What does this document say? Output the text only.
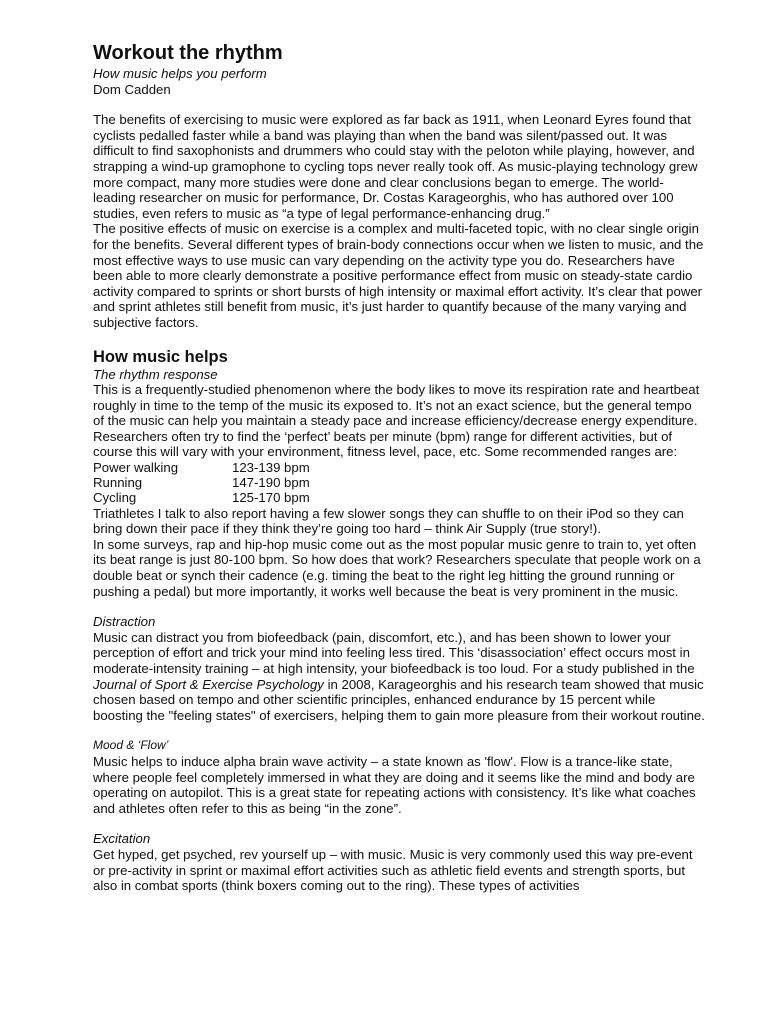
Workout the rhythm

How music helps you perform

Dom Cadden

The benefits of exercising to music were explored as far back as 1911, when Leonard Eyres found that cyclists pedalled faster while a band was playing than when the band was silent/passed out. It was difficult to find saxophonists and drummers who could stay with the peloton while playing, however, and strapping a wind-up gramophone to cycling tops never really took off. As music-playing technology grew more compact, many more studies were done and clear conclusions began to emerge. The world-leading researcher on music for performance, Dr. Costas Karageorghis, who has authored over 100 studies, even refers to music as “a type of legal performance-enhancing drug.”

The positive effects of music on exercise is a complex and multi-faceted topic, with no clear single origin for the benefits. Several different types of brain-body connections occur when we listen to music, and the most effective ways to use music can vary depending on the activity type you do. Researchers have been able to more clearly demonstrate a positive performance effect from music on steady-state cardio activity compared to sprints or short bursts of high intensity or maximal effort activity. It’s clear that power and sprint athletes still benefit from music, it’s just harder to quantify because of the many varying and subjective factors.

How music helps

The rhythm response

This is a frequently-studied phenomenon where the body likes to move its respiration rate and heartbeat roughly in time to the temp of the music its exposed to. It’s not an exact science, but the general tempo of the music can help you maintain a steady pace and increase efficiency/decrease energy expenditure. Researchers often try to find the ‘perfect’ beats per minute (bpm) range for different activities, but of course this will vary with your environment, fitness level, pace, etc. Some recommended ranges are:

Power walking	123-139 bpm
Running	147-190 bpm
Cycling	125-170 bpm

Triathletes I talk to also report having a few slower songs they can shuffle to on their iPod so they can bring down their pace if they think they’re going too hard – think Air Supply (true story!).

In some surveys, rap and hip-hop music come out as the most popular music genre to train to, yet often its beat range is just 80-100 bpm. So how does that work? Researchers speculate that people work on a double beat or synch their cadence (e.g. timing the beat to the right leg hitting the ground running or pushing a pedal) but more importantly, it works well because the beat is very prominent in the music.

Distraction

Music can distract you from biofeedback (pain, discomfort, etc.), and has been shown to lower your perception of effort and trick your mind into feeling less tired. This ‘disassociation’ effect occurs most in moderate-intensity training – at high intensity, your biofeedback is too loud. For a study published in the Journal of Sport & Exercise Psychology in 2008, Karageorghis and his research team showed that music chosen based on tempo and other scientific principles, enhanced endurance by 15 percent while boosting the "feeling states" of exercisers, helping them to gain more pleasure from their workout routine.

Mood & ‘Flow’

Music helps to induce alpha brain wave activity – a state known as 'flow'. Flow is a trance-like state, where people feel completely immersed in what they are doing and it seems like the mind and body are operating on autopilot. This is a great state for repeating actions with consistency. It’s like what coaches and athletes often refer to this as being “in the zone”.

Excitation

Get hyped, get psyched, rev yourself up – with music. Music is very commonly used this way pre-event or pre-activity in sprint or maximal effort activities such as athletic field events and strength sports, but also in combat sports (think boxers coming out to the ring). These types of activities
